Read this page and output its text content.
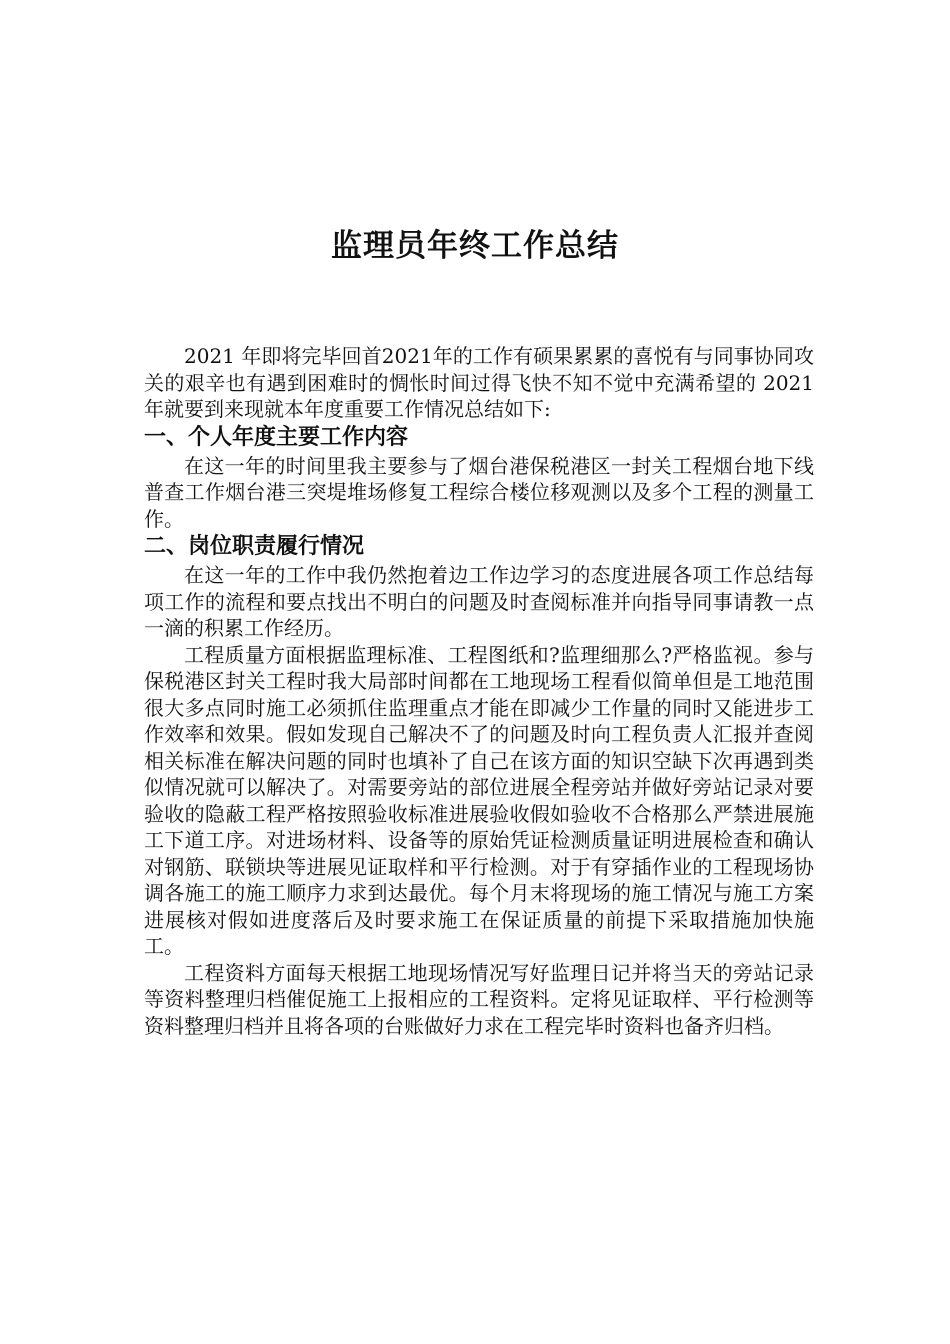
监理员年终工作总结

2021 年即将完毕回首2021年的工作有硕果累累的喜悦有与同事协同攻关的艰辛也有遇到困难时的惆怅时间过得飞快不知不觉中充满希望的 2021年就要到来现就本年度重要工作情况总结如下:

一、个人年度主要工作内容

在这一年的时间里我主要参与了烟台港保税港区一封关工程烟台地下线普查工作烟台港三突堤堆场修复工程综合楼位移观测以及多个工程的测量工作。

二、岗位职责履行情况

在这一年的工作中我仍然抱着边工作边学习的态度进展各项工作总结每项工作的流程和要点找出不明白的问题及时查阅标准并向指导同事请教一点一滴的积累工作经历。

工程质量方面根据监理标准、工程图纸和?监理细那么?严格监视。参与保税港区封关工程时我大局部时间都在工地现场工程看似简单但是工地范围很大多点同时施工必须抓住监理重点才能在即减少工作量的同时又能进步工作效率和效果。假如发现自己解决不了的问题及时向工程负责人汇报并查阅相关标准在解决问题的同时也填补了自己在该方面的知识空缺下次再遇到类似情况就可以解决了。对需要旁站的部位进展全程旁站并做好旁站记录对要验收的隐蔽工程严格按照验收标准进展验收假如验收不合格那么严禁进展施工下道工序。对进场材料、设备等的原始凭证检测质量证明进展检查和确认对钢筋、联锁块等进展见证取样和平行检测。对于有穿插作业的工程现场协调各施工的施工顺序力求到达最优。每个月末将现场的施工情况与施工方案进展核对假如进度落后及时要求施工在保证质量的前提下采取措施加快施工。

工程资料方面每天根据工地现场情况写好监理日记并将当天的旁站记录等资料整理归档催促施工上报相应的工程资料。定将见证取样、平行检测等资料整理归档并且将各项的台账做好力求在工程完毕时资料也备齐归档。
